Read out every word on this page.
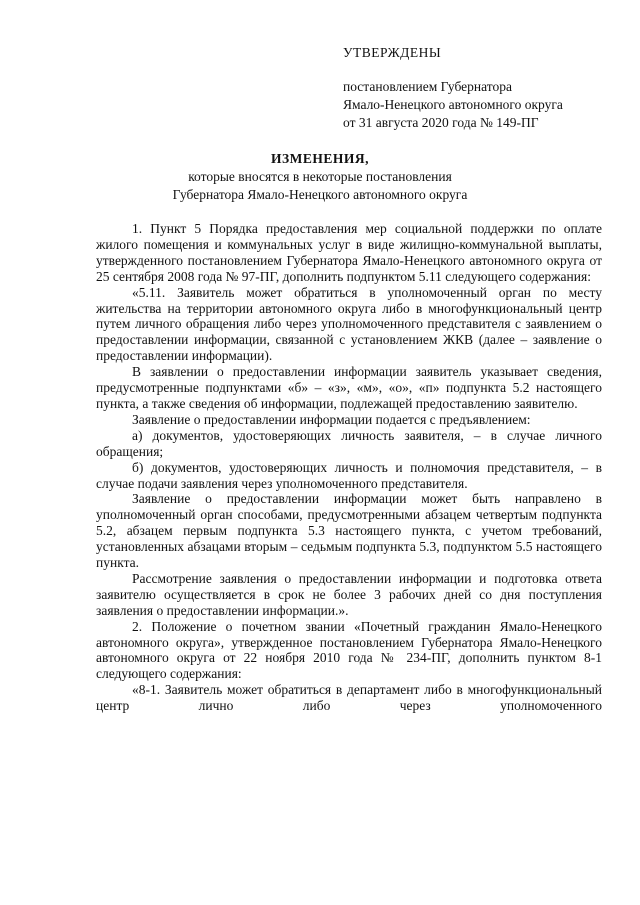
УТВЕРЖДЕНЫ
постановлением Губернатора
Ямало-Ненецкого автономного округа
от 31 августа 2020 года № 149-ПГ
ИЗМЕНЕНИЯ,
которые вносятся в некоторые постановления
Губернатора Ямало-Ненецкого автономного округа

1. Пункт 5 Порядка предоставления мер социальной поддержки по оплате жилого помещения и коммунальных услуг в виде жилищно-коммунальной выплаты, утвержденного постановлением Губернатора Ямало-Ненецкого автономного округа от 25 сентября 2008 года № 97-ПГ, дополнить подпунктом 5.11 следующего содержания:

«5.11. Заявитель может обратиться в уполномоченный орган по месту жительства на территории автономного округа либо в многофункциональный центр путем личного обращения либо через уполномоченного представителя с заявлением о предоставлении информации, связанной с установлением ЖКВ (далее – заявление о предоставлении информации).

В заявлении о предоставлении информации заявитель указывает сведения, предусмотренные подпунктами «б» – «з», «м», «о», «п» подпункта 5.2 настоящего пункта, а также сведения об информации, подлежащей предоставлению заявителю.

Заявление о предоставлении информации подается с предъявлением:

а) документов, удостоверяющих личность заявителя, – в случае личного обращения;

б) документов, удостоверяющих личность и полномочия представителя, – в случае подачи заявления через уполномоченного представителя.

Заявление о предоставлении информации может быть направлено в уполномоченный орган способами, предусмотренными абзацем четвертым подпункта 5.2, абзацем первым подпункта 5.3 настоящего пункта, с учетом требований, установленных абзацами вторым – седьмым подпункта 5.3, подпунктом 5.5 настоящего пункта.

Рассмотрение заявления о предоставлении информации и подготовка ответа заявителю осуществляется в срок не более 3 рабочих дней со дня поступления заявления о предоставлении информации.».

2. Положение о почетном звании «Почетный гражданин Ямало-Ненецкого автономного округа», утвержденное постановлением Губернатора Ямало-Ненецкого автономного округа от 22 ноября 2010 года № 234-ПГ, дополнить пунктом 8-1 следующего содержания:

«8-1. Заявитель может обратиться в департамент либо в многофункциональный центр лично либо через уполномоченного
